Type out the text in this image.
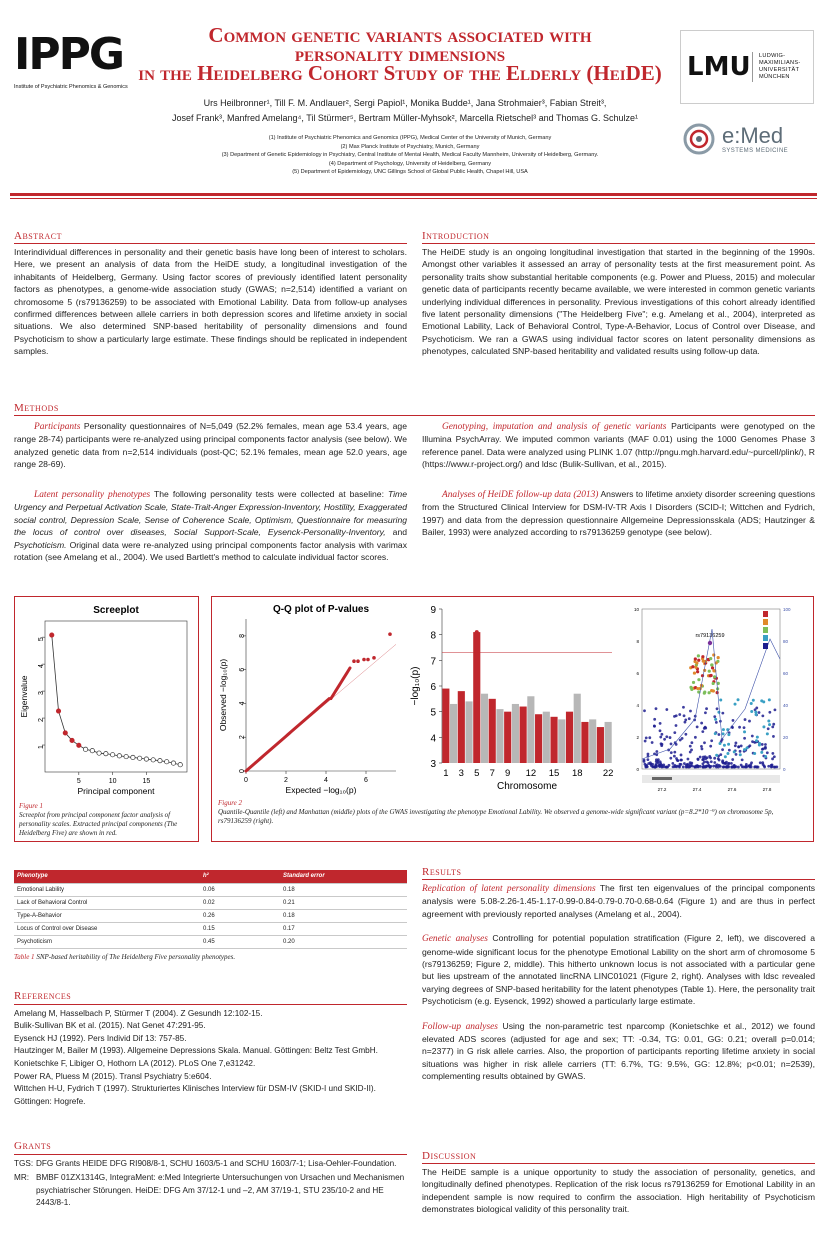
IPPG
Institute of Psychiatric Phenomics & Genomics
Common genetic variants associated with
personality dimensions
in the Heidelberg Cohort Study of the Elderly (HeiDE)
Urs Heilbronner¹, Till F. M. Andlauer², Sergi Papiol¹, Monika Budde¹, Jana Strohmaier³, Fabian Streit³,
Josef Frank³, Manfred Amelang⁴, Til Stürmer⁵, Bertram Müller-Myhsok², Marcella Rietschel³ and Thomas G. Schulze¹
(1) Institute of Psychiatric Phenomics and Genomics (IPPG), Medical Center of the University of Munich, Germany
(2) Max Planck Institute of Psychiatry, Munich, Germany
(3) Department of Genetic Epidemiology in Psychiatry, Central Institute of Mental Health, Medical Faculty Mannheim, University of Heidelberg, Germany.
(4) Department of Psychology, University of Heidelberg, Germany
(5) Department of Epidemiology, UNC Gillings School of Global Public Health, Chapel Hill, USA
LMU	LUDWIG-
MAXIMILIANS-
UNIVERSITÄT
MÜNCHEN
e:Med
SYSTEMS MEDICINE
Abstract
Interindividual differences in personality and their genetic basis have long been of interest to scholars. Here, we present an analysis of data from the HeiDE study, a longitudinal investigation of the inhabitants of Heidelberg, Germany. Using factor scores of previously identified latent personality factors as phenotypes, a genome-wide association study (GWAS; n=2,514) identified a variant on chromosome 5 (rs79136259) to be associated with Emotional Lability. Data from follow-up analyses confirmed differences between allele carriers in both depression scores and lifetime anxiety in social situations. We also determined SNP-based heritability of personality dimensions and found Psychoticism to show a particularly large estimate. These findings should be replicated in independent samples.
Introduction
The HeiDE study is an ongoing longitudinal investigation that started in the beginning of the 1990s. Amongst other variables it assessed an array of personality tests at the first measurement point. As personality traits show substantial heritable components (e.g. Power and Pluess, 2015) and molecular genetic data of participants recently became available, we were interested in common genetic variants underlying individual differences in personality. Previous investigations of this cohort already identified five latent personality dimensions ("The Heidelberg Five"; e.g. Amelang et al., 2004), interpreted as Emotional Lability, Lack of Behavioral Control, Type-A-Behavior, Locus of Control over Disease, and Psychoticism. We ran a GWAS using individual factor scores on latent personality dimensions as phenotypes, calculated SNP-based heritability and validated results using follow-up data.
Methods
Participants Personality questionnaires of N=5,049 (52.2% females, mean age 53.4 years, age range 28-74) participants were re-analyzed using principal components factor analysis (see below). We analyzed genetic data from n=2,514 individuals (post-QC; 52.1% females, mean age 52.0 years, age range 28-69).
Latent personality phenotypes The following personality tests were collected at baseline: Time Urgency and Perpetual Activation Scale, State-Trait-Anger Expression-Inventory, Hostility, Exaggerated social control, Depression Scale, Sense of Coherence Scale, Optimism, Questionnaire for measuring the locus of control over diseases, Social Support-Scale, Eysenck-Personality-Inventory, and Psychoticism. Original data were re-analyzed using principal components factor analysis with varimax rotation (see Amelang et al., 2004). We used Bartlett's method to calculate individual factor scores.
Genotyping, imputation and analysis of genetic variants Participants were genotyped on the Illumina PsychArray. We imputed common variants (MAF 0.01) using the 1000 Genomes Phase 3 reference panel. Data were analyzed using PLINK 1.07 (http://pngu.mgh.harvard.edu/~purcell/plink/), R (https://www.r-project.org/) and ldsc (Bulik-Sullivan, et al., 2015).
Analyses of HeiDE follow-up data (2013) Answers to lifetime anxiety disorder screening questions from the Structured Clinical Interview for DSM-IV-TR Axis I Disorders (SCID-I; Wittchen and Fydrich, 1997) and data from the depression questionnaire Allgemeine Depressionsskala (ADS; Hautzinger & Bailer, 1993) were analyzed according to rs79136259 genotype (see below).
Screeplot
1
2
3
4
5
5	10	15
Principal component
Eigenvalue
Figure 1
Screeplot from principal component factor analysis of personality scales. Extracted principal components (The Heidelberg Five) are shown in red.
Q-Q plot of P-values
0
2
4
6
8
0	2	4	6
Expected −log₁₀(p)
Observed −log₁₀(p)
3
4
5
6
7
8
9
−log₁₀(p)
Chromosome
1 3 5 7 9 12 15 18 22	0
2
4
6
8
10
0
20
40
60
80
100
27.2	27.4	27.6	27.8
rs79136259
Figure 2
Quantile-Quantile (left) and Manhattan (middle) plots of the GWAS investigating the phenotype Emotional Lability. We observed a genome-wide significant variant (p=8.2*10⁻⁹) on chromosome 5p, rs79136259 (right).
Phenotype	h²	Standard error
Emotional Lability	0.06	0.18
Lack of Behavioral Control	0.02	0.21
Type-A-Behavior	0.26	0.18
Locus of Control over Disease	0.15	0.17
Psychoticism	0.45	0.20
Table 1 SNP-based heritability of The Heidelberg Five personality phenotypes.
References
Amelang M, Hasselbach P, Stürmer T (2004). Z Gesundh 12:102-15.
Bulik-Sullivan BK et al. (2015). Nat Genet 47:291-95.
Eysenck HJ (1992). Pers Individ Dif 13: 757-85.
Hautzinger M, Bailer M (1993). Allgemeine Depressions Skala. Manual. Göttingen: Beltz Test GmbH.
Konietschke F, Libiger O, Hothorn LA (2012). PLoS One 7,e31242.
Power RA, Pluess M (2015). Transl Psychiatry 5:e604.
Wittchen H-U, Fydrich T (1997). Strukturiertes Klinisches Interview für DSM-IV (SKID-I und SKID-II). Göttingen: Hogrefe.
Grants
TGS: DFG Grants HEIDE DFG RI908/8-1, SCHU 1603/5-1 and SCHU 1603/7-1; Lisa-Oehler-Foundation.
MR: BMBF 01ZX1314G, IntegraMent: e:Med Integrierte Untersuchungen von Ursachen und Mechanismen psychiatrischer Störungen. HeiDE: DFG Am 37/12-1 und –2, AM 37/19-1, STU 235/10-2 and HE 2443/8-1.
Results
Replication of latent personality dimensions The first ten eigenvalues of the principal components analysis were 5.08-2.26-1.45-1.17-0.99-0.84-0.79-0.70-0.68-0.64 (Figure 1) and are thus in perfect agreement with previously reported analyses (Amelang et al., 2004).
Genetic analyses Controlling for potential population stratification (Figure 2, left), we discovered a genome-wide significant locus for the phenotype Emotional Lability on the short arm of chromosome 5 (rs79136259; Figure 2, middle). This hitherto unknown locus is not associated with a particular gene but lies upstream of the annotated lincRNA LINC01021 (Figure 2, right). Analyses with ldsc revealed varying degrees of SNP-based heritability for the latent phenotypes (Table 1). Here, the personality trait Psychoticism (e.g. Eysenck, 1992) showed a particularly large estimate.
Follow-up analyses Using the non-parametric test nparcomp (Konietschke et al., 2012) we found elevated ADS scores (adjusted for age and sex; TT: -0.34, TG: 0.01, GG: 0.21; overall p=0.014; n=2377) in G risk allele carries. Also, the proportion of participants reporting lifetime anxiety in social situations was higher in risk allele carriers (TT: 6.7%, TG: 9.5%, GG: 12.8%; p<0.01; n=2539), complementing results obtained by GWAS.
Discussion
The HeiDE sample is a unique opportunity to study the association of personality, genetics, and longitudinally defined phenotypes. Replication of the risk locus rs79136259 for Emotional Lability in an independent sample is now required to confirm the association. High heritability of Psychoticism demonstrates biological validity of this personality trait.
